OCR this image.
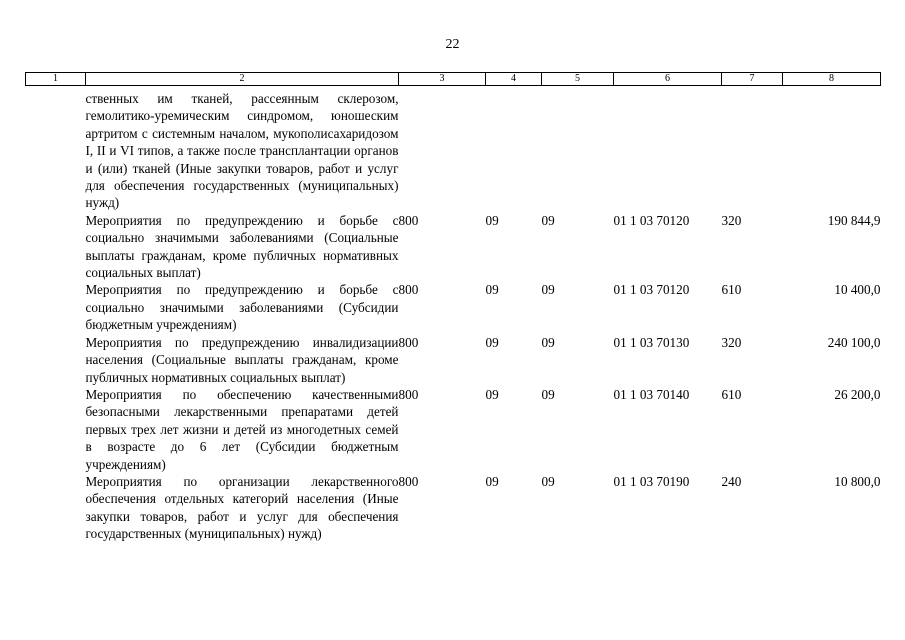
22
1	2	3	4	5	6	7	8
	ственных им тканей, рассеянным склерозом, гемолитико-уремическим синдромом, юношеским артритом с системным началом, мукополисахаридозом I, II и VI типов, а также после трансплантации органов и (или) тканей (Иные закупки товаров, работ и услуг для обеспечения государственных (муниципальных) нужд)						
	Мероприятия по предупреждению и борьбе с социально значимыми заболеваниями (Социальные выплаты гражданам, кроме публичных нормативных социальных выплат)	800	09	09	01 1 03 70120	320	190 844,9
	Мероприятия по предупреждению и борьбе с социально значимыми заболеваниями (Субсидии бюджетным учреждениям)	800	09	09	01 1 03 70120	610	10 400,0
	Мероприятия по предупреждению инвалидизации населения (Социальные выплаты гражданам, кроме публичных нормативных социальных выплат)	800	09	09	01 1 03 70130	320	240 100,0
	Мероприятия по обеспечению качественными безопасными лекарственными препаратами детей первых трех лет жизни и детей из многодетных семей в возрасте до 6 лет (Субсидии бюджетным учреждениям)	800	09	09	01 1 03 70140	610	26 200,0
	Мероприятия по организации лекарственного обеспечения отдельных категорий населения (Иные закупки товаров, работ и услуг для обеспечения государственных (муниципальных) нужд)	800	09	09	01 1 03 70190	240	10 800,0
